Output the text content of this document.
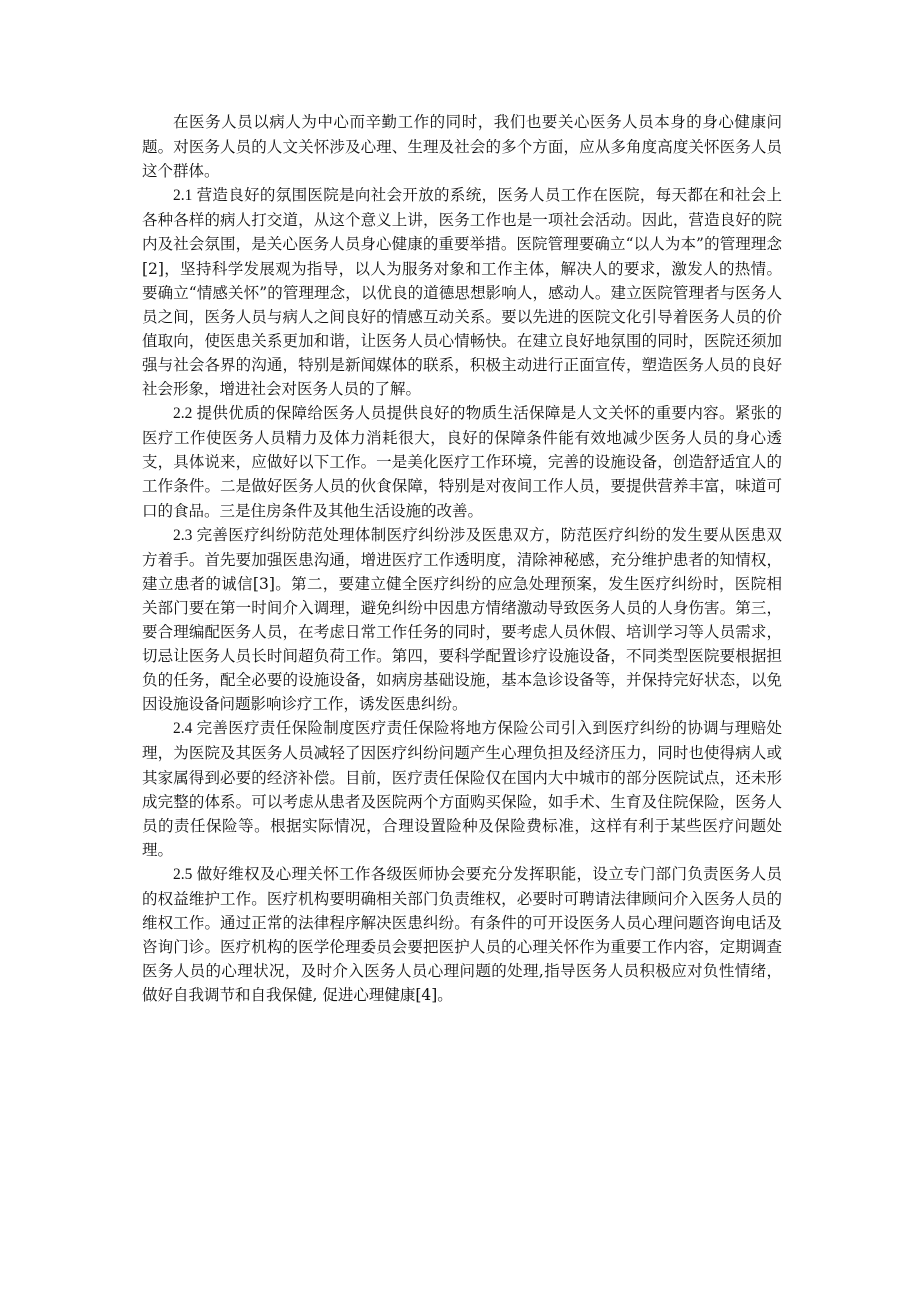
在医务人员以病人为中心而辛勤工作的同时，我们也要关心医务人员本身的身心健康问题。对医务人员的人文关怀涉及心理、生理及社会的多个方面，应从多角度高度关怀医务人员这个群体。

2.1 营造良好的氛围医院是向社会开放的系统，医务人员工作在医院，每天都在和社会上各种各样的病人打交道，从这个意义上讲，医务工作也是一项社会活动。因此，营造良好的院内及社会氛围，是关心医务人员身心健康的重要举措。医院管理要确立“以人为本”的管理理念[2]，坚持科学发展观为指导，以人为服务对象和工作主体，解决人的要求，激发人的热情。要确立“情感关怀”的管理理念，以优良的道德思想影响人，感动人。建立医院管理者与医务人员之间，医务人员与病人之间良好的情感互动关系。要以先进的医院文化引导着医务人员的价值取向，使医患关系更加和谐，让医务人员心情畅快。在建立良好地氛围的同时，医院还须加强与社会各界的沟通，特别是新闻媒体的联系，积极主动进行正面宣传，塑造医务人员的良好社会形象，增进社会对医务人员的了解。

2.2 提供优质的保障给医务人员提供良好的物质生活保障是人文关怀的重要内容。紧张的医疗工作使医务人员精力及体力消耗很大，良好的保障条件能有效地减少医务人员的身心透支，具体说来，应做好以下工作。一是美化医疗工作环境，完善的设施设备，创造舒适宜人的工作条件。二是做好医务人员的伙食保障，特别是对夜间工作人员，要提供营养丰富，味道可口的食品。三是住房条件及其他生活设施的改善。

2.3 完善医疗纠纷防范处理体制医疗纠纷涉及医患双方，防范医疗纠纷的发生要从医患双方着手。首先要加强医患沟通，增进医疗工作透明度，清除神秘感，充分维护患者的知情权，建立患者的诚信[3]。第二，要建立健全医疗纠纷的应急处理预案，发生医疗纠纷时，医院相关部门要在第一时间介入调理，避免纠纷中因患方情绪激动导致医务人员的人身伤害。第三，要合理编配医务人员，在考虑日常工作任务的同时，要考虑人员休假、培训学习等人员需求，切忌让医务人员长时间超负荷工作。第四，要科学配置诊疗设施设备，不同类型医院要根据担负的任务，配全必要的设施设备，如病房基础设施，基本急诊设备等，并保持完好状态，以免因设施设备问题影响诊疗工作，诱发医患纠纷。

2.4 完善医疗责任保险制度医疗责任保险将地方保险公司引入到医疗纠纷的协调与理赔处理，为医院及其医务人员减轻了因医疗纠纷问题产生心理负担及经济压力，同时也使得病人或其家属得到必要的经济补偿。目前，医疗责任保险仅在国内大中城市的部分医院试点，还未形成完整的体系。可以考虑从患者及医院两个方面购买保险，如手术、生育及住院保险，医务人员的责任保险等。根据实际情况，合理设置险种及保险费标准，这样有利于某些医疗问题处理。

2.5 做好维权及心理关怀工作各级医师协会要充分发挥职能，设立专门部门负责医务人员的权益维护工作。医疗机构要明确相关部门负责维权，必要时可聘请法律顾问介入医务人员的维权工作。通过正常的法律程序解决医患纠纷。有条件的可开设医务人员心理问题咨询电话及咨询门诊。医疗机构的医学伦理委员会要把医护人员的心理关怀作为重要工作内容，定期调查医务人员的心理状况，及时介入医务人员心理问题的处理,指导医务人员积极应对负性情绪，做好自我调节和自我保健, 促进心理健康[4]。
